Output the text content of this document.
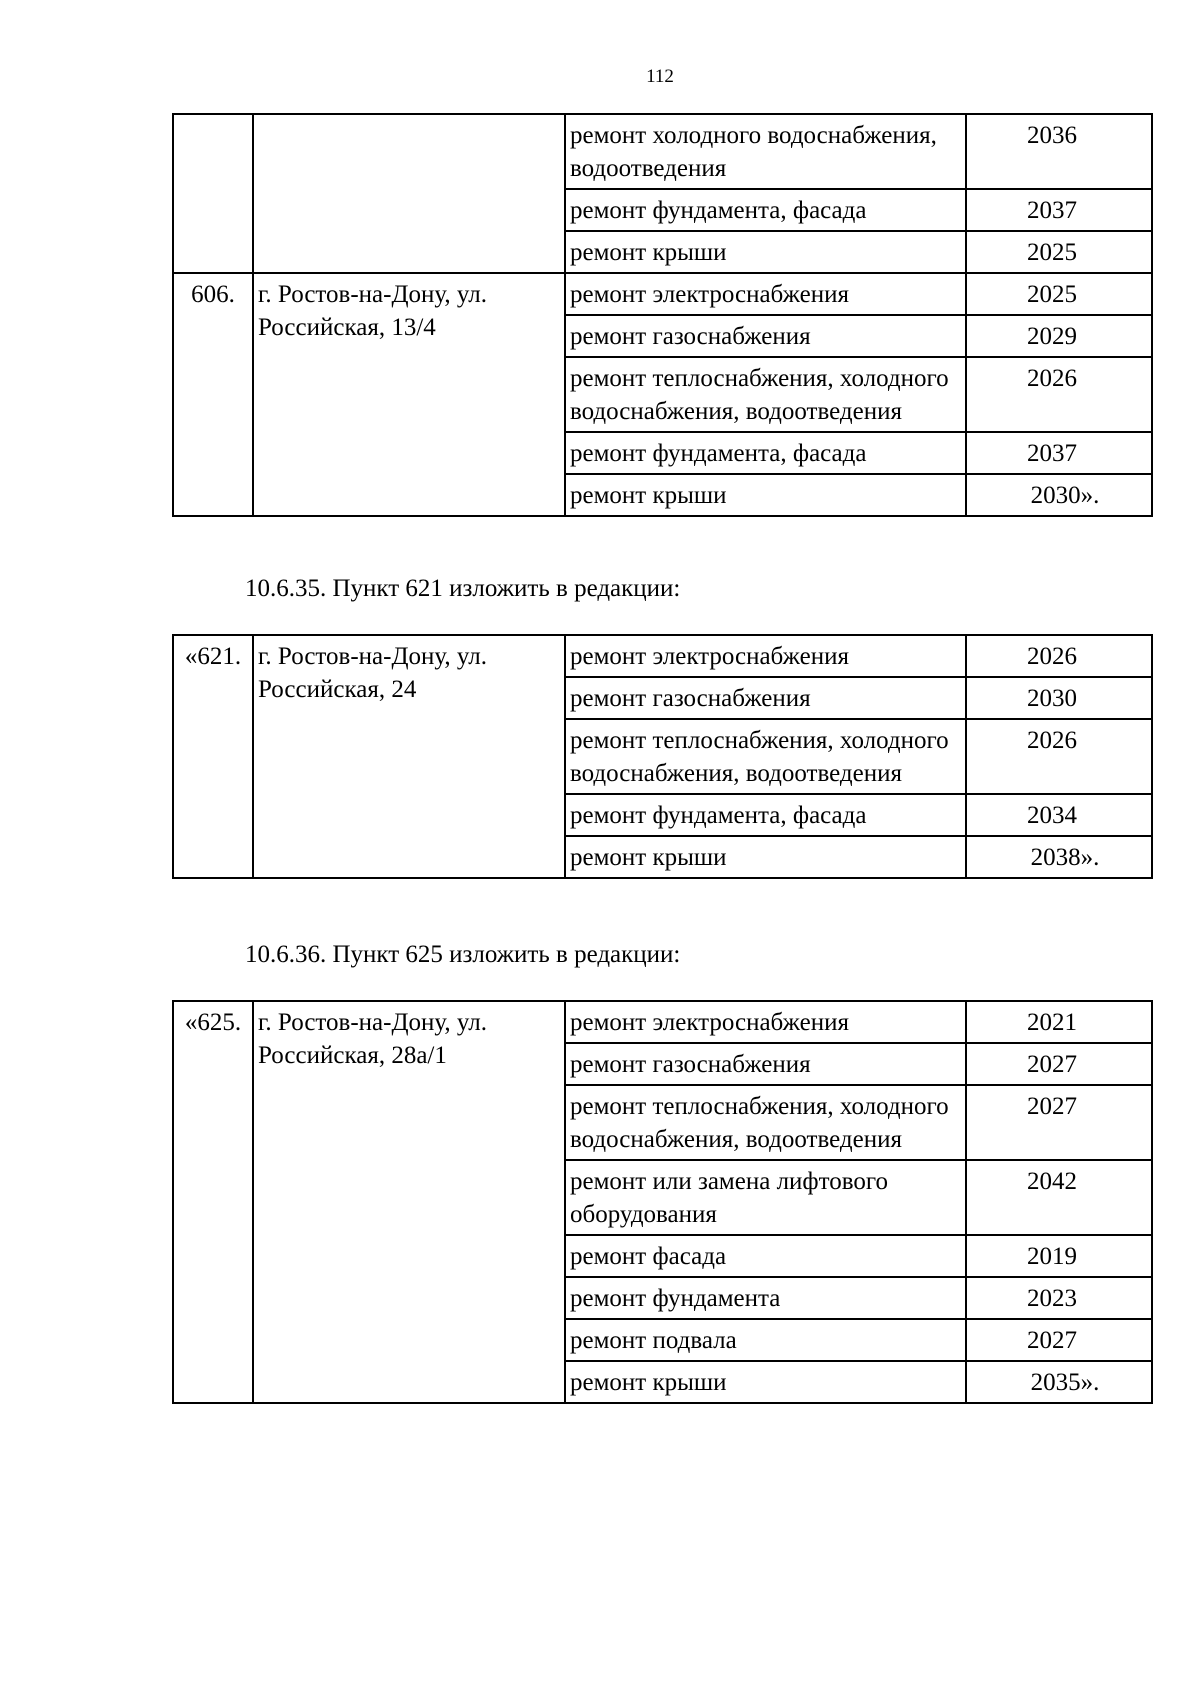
112
		ремонт холодного водоснабжения, водоотведения	2036
		ремонт фундамента, фасада	2037
		ремонт крыши	2025
606.	г. Ростов-на-Дону, ул. Российская, 13/4	ремонт электроснабжения	2025
		ремонт газоснабжения	2029
		ремонт теплоснабжения, холодного водоснабжения, водоотведения	2026
		ремонт фундамента, фасада	2037
		ремонт крыши	2030».
10.6.35. Пункт 621 изложить в редакции:
«621.	г. Ростов-на-Дону, ул. Российская, 24	ремонт электроснабжения	2026
		ремонт газоснабжения	2030
		ремонт теплоснабжения, холодного водоснабжения, водоотведения	2026
		ремонт фундамента, фасада	2034
		ремонт крыши	2038».
10.6.36. Пункт 625 изложить в редакции:
«625.	г. Ростов-на-Дону, ул. Российская, 28а/1	ремонт электроснабжения	2021
		ремонт газоснабжения	2027
		ремонт теплоснабжения, холодного водоснабжения, водоотведения	2027
		ремонт или замена лифтового оборудования	2042
		ремонт фасада	2019
		ремонт фундамента	2023
		ремонт подвала	2027
		ремонт крыши	2035».
